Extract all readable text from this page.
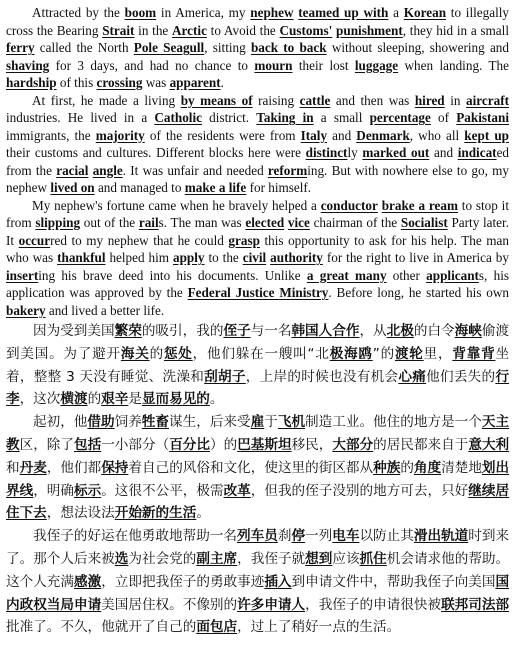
Attracted by the boom in America, my nephew teamed up with a Korean to illegally cross the Bearing Strait in the Arctic to Avoid the Customs' punishment, they hid in a small ferry called the North Pole Seagull, sitting back to back without sleeping, showering and shaving for 3 days, and had no chance to mourn their lost luggage when landing. The hardship of this crossing was apparent.

At first, he made a living by means of raising cattle and then was hired in aircraft industries. He lived in a Catholic district. Taking in a small percentage of Pakistani immigrants, the majority of the residents were from Italy and Denmark, who all kept up their customs and cultures. Different blocks here were distinctly marked out and indicated from the racial angle. It was unfair and needed reforming. But with nowhere else to go, my nephew lived on and managed to make a life for himself.

My nephew's fortune came when he bravely helped a conductor brake a ream to stop it from slipping out of the rails. The man was elected vice chairman of the Socialist Party later. It occurred to my nephew that he could grasp this opportunity to ask for his help. The man who was thankful helped him apply to the civil authority for the right to live in America by inserting his brave deed into his documents. Unlike a great many other applicants, his application was approved by the Federal Justice Ministry. Before long, he started his own bakery and lived a better life.

因为受到美国繁荣的吸引，我的侄子与一名韩国人合作，从北极的白令海峡偷渡到美国。为了避开海关的惩处，他们躲在一艘叫“北极海鸥”的渡轮里，背靠背坐着，整整 3 天没有睡觉、洗澡和刮胡子，上岸的时候也没有机会心痛他们丢失的行李，这次横渡的艰辛是显而易见的。

起初，他借助饲养牲畜谋生，后来受雇于飞机制造工业。他住的地方是一个天主教区，除了包括一小部分（百分比）的巴基斯坦移民，大部分的居民都来自于意大利和丹麦，他们都保持着自己的风俗和文化，使这里的街区都从种族的角度清楚地划出界线，明确标示。这很不公平，极需改革，但我的侄子没别的地方可去，只好继续居住下去，想法设法开始新的生活。

我侄子的好运在他勇敢地帮助一名列车员刹停一列电车以防止其滑出轨道时到来了。那个人后来被选为社会党的副主席，我侄子就想到应该抓住机会请求他的帮助。这个人充满感激，立即把我侄子的勇敢事迹插入到申请文件中，帮助我侄子向美国国内政权当局申请美国居住权。不像别的许多申请人，我侄子的申请很快被联邦司法部批准了。不久，他就开了自己的面包店，过上了稍好一点的生活。
